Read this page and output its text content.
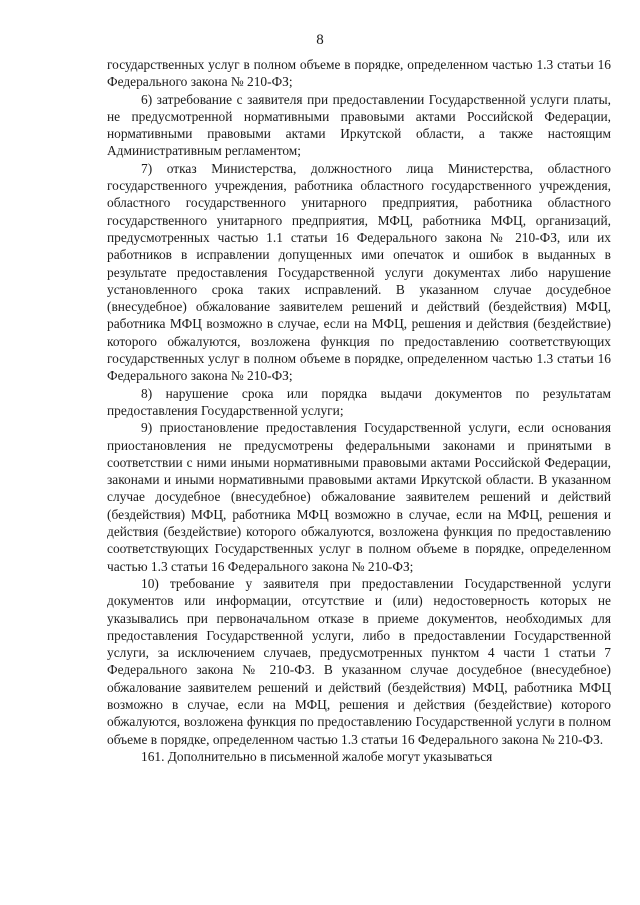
8

государственных услуг в полном объеме в порядке, определенном частью 1.3 статьи 16 Федерального закона № 210-ФЗ;

6) затребование с заявителя при предоставлении Государственной услуги платы, не предусмотренной нормативными правовыми актами Российской Федерации, нормативными правовыми актами Иркутской области, а также настоящим Административным регламентом;

7) отказ Министерства, должностного лица Министерства, областного государственного учреждения, работника областного государственного учреждения, областного государственного унитарного предприятия, работника областного государственного унитарного предприятия, МФЦ, работника МФЦ, организаций, предусмотренных частью 1.1 статьи 16 Федерального закона № 210-ФЗ, или их работников в исправлении допущенных ими опечаток и ошибок в выданных в результате предоставления Государственной услуги документах либо нарушение установленного срока таких исправлений. В указанном случае досудебное (внесудебное) обжалование заявителем решений и действий (бездействия) МФЦ, работника МФЦ возможно в случае, если на МФЦ, решения и действия (бездействие) которого обжалуются, возложена функция по предоставлению соответствующих государственных услуг в полном объеме в порядке, определенном частью 1.3 статьи 16 Федерального закона № 210-ФЗ;

8) нарушение срока или порядка выдачи документов по результатам предоставления Государственной услуги;

9) приостановление предоставления Государственной услуги, если основания приостановления не предусмотрены федеральными законами и принятыми в соответствии с ними иными нормативными правовыми актами Российской Федерации, законами и иными нормативными правовыми актами Иркутской области. В указанном случае досудебное (внесудебное) обжалование заявителем решений и действий (бездействия) МФЦ, работника МФЦ возможно в случае, если на МФЦ, решения и действия (бездействие) которого обжалуются, возложена функция по предоставлению соответствующих Государственных услуг в полном объеме в порядке, определенном частью 1.3 статьи 16 Федерального закона № 210-ФЗ;

10) требование у заявителя при предоставлении Государственной услуги документов или информации, отсутствие и (или) недостоверность которых не указывались при первоначальном отказе в приеме документов, необходимых для предоставления Государственной услуги, либо в предоставлении Государственной услуги, за исключением случаев, предусмотренных пунктом 4 части 1 статьи 7 Федерального закона № 210-ФЗ. В указанном случае досудебное (внесудебное) обжалование заявителем решений и действий (бездействия) МФЦ, работника МФЦ возможно в случае, если на МФЦ, решения и действия (бездействие) которого обжалуются, возложена функция по предоставлению Государственной услуги в полном объеме в порядке, определенном частью 1.3 статьи 16 Федерального закона № 210-ФЗ.

161. Дополнительно в письменной жалобе могут указываться
